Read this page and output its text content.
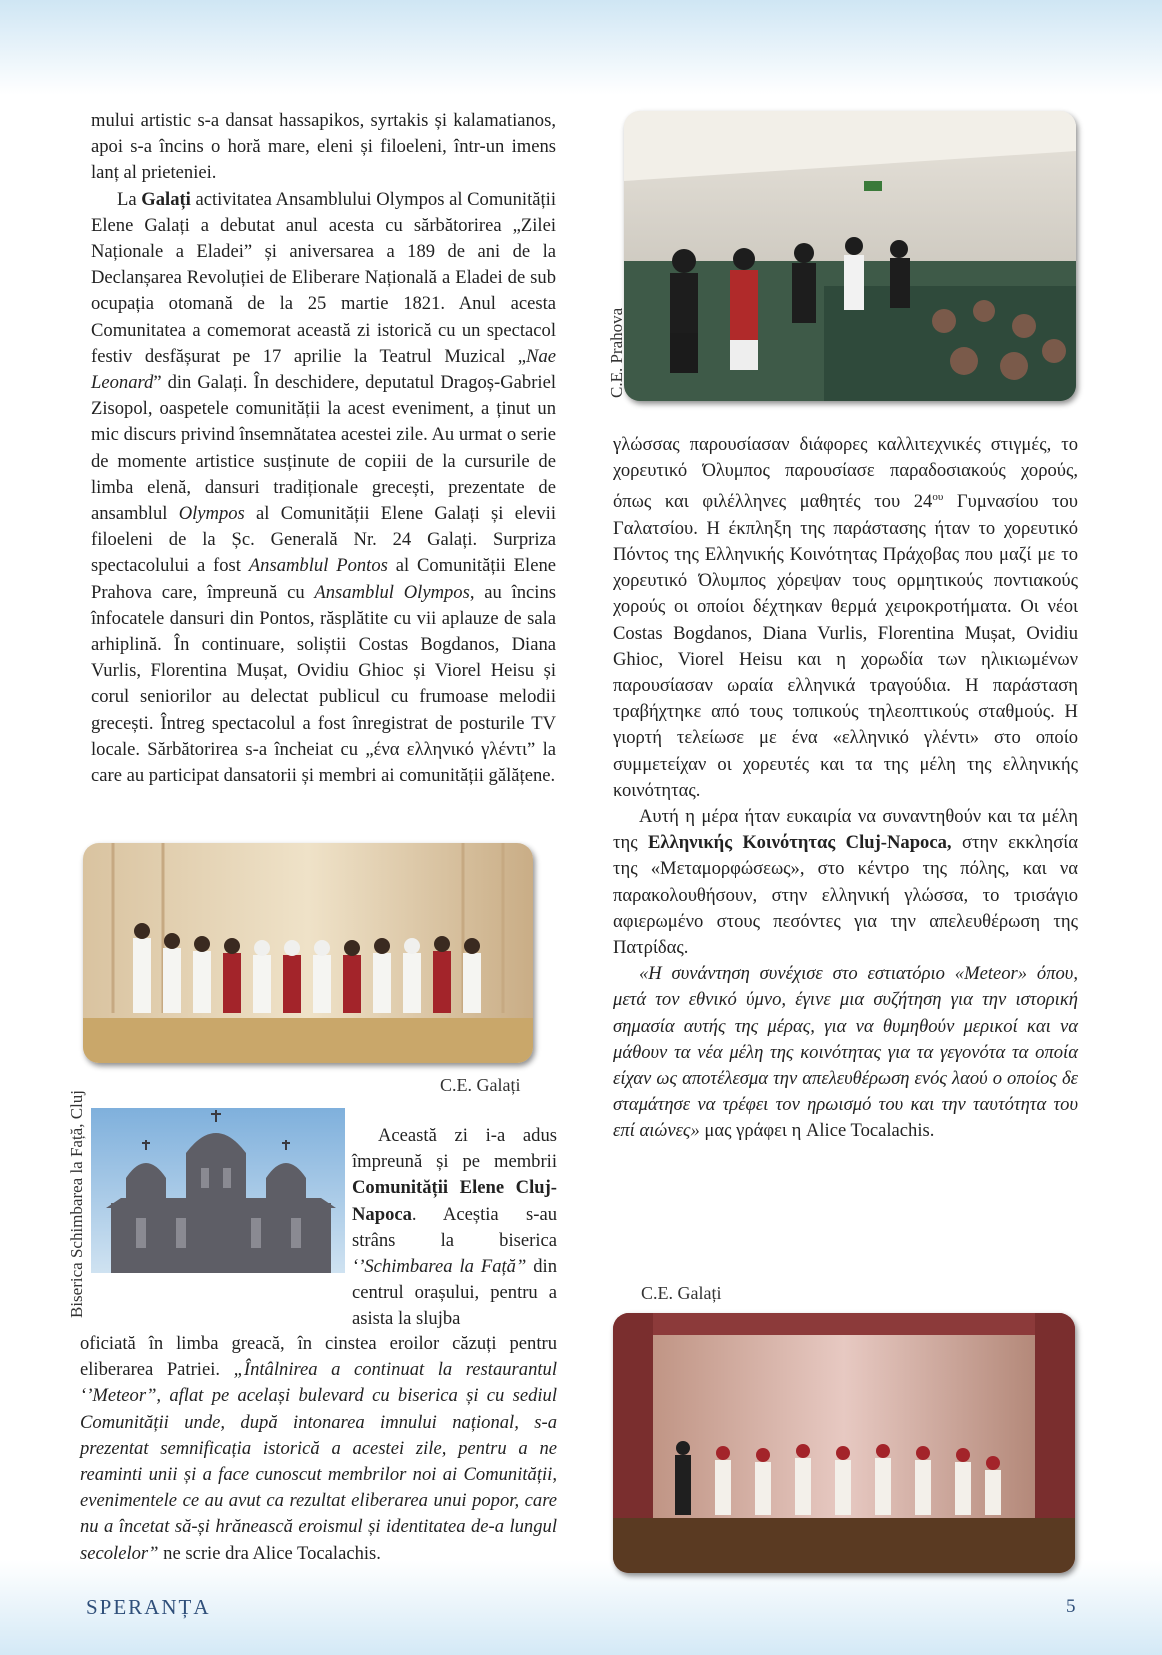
mului artistic s-a dansat hassapikos, syrtakis și kalamatianos, apoi s-a încins o horă mare, eleni și filoeleni, într-un imens lanț al prieteniei.

La Galați activitatea Ansamblului Olympos al Comunității Elene Galați a debutat anul acesta cu sărbătorirea „Zilei Naționale a Eladei” și aniversarea a 189 de ani de la Declanșarea Revoluției de Eliberare Națională a Eladei de sub ocupația otomană de la 25 martie 1821. Anul acesta Comunitatea a comemorat această zi istorică cu un spectacol festiv desfășurat pe 17 aprilie la Teatrul Muzical „Nae Leonard” din Galați. În deschidere, deputatul Dragoș-Gabriel Zisopol, oaspetele comunității la acest eveniment, a ținut un mic discurs privind însemnătatea acestei zile. Au urmat o serie de momente artistice susținute de copiii de la cursurile de limba elenă, dansuri tradiționale grecești, prezentate de ansamblul Olympos al Comunității Elene Galați și elevii filoeleni de la Șc. Generală Nr. 24 Galați. Surpriza spectacolului a fost Ansamblul Pontos al Comunității Elene Prahova care, împreună cu Ansamblul Olympos, au încins înfocatele dansuri din Pontos, răsplătite cu vii aplauze de sala arhiplină. În continuare, soliștii Costas Bogdanos, Diana Vurlis, Florentina Mușat, Ovidiu Ghioc și Viorel Heisu și corul seniorilor au delectat publicul cu frumoase melodii grecești. Întreg spectacolul a fost înregistrat de posturile TV locale. Sărbătorirea s-a încheiat cu „ένα ελληνικό γλέντι” la care au participat dansatorii și membri ai comunității gălățene.

C.E. Prahova

γλώσσας παρουσίασαν διάφορες καλλιτεχνικές στιγμές, το χορευτικό Όλυμπος παρουσίασε παραδοσιακούς χορούς, όπως και φιλέλληνες μαθητές του $24^{o\upsilon}$ Γυμνασίου του Γαλατσίου. Η έκπληξη της παράστασης ήταν το χορευτικό Πόντος της Ελληνικής Κοινότητας Πράχοβας που μαζί με το χορευτικό Όλυμπος χόρεψαν τους ορμητικούς ποντιακούς χορούς οι οποίοι δέχτηκαν θερμά χειροκροτήματα. Οι νέοι Costas Bogdanos, Diana Vurlis, Florentina Mușat, Ovidiu Ghioc, Viorel Heisu και η χορωδία των ηλικιωμένων παρουσίασαν ωραία ελληνικά τραγούδια. Η παράσταση τραβήχτηκε από τους τοπικούς τηλεοπτικούς σταθμούς. Η γιορτή τελείωσε με ένα «ελληνικό γλέντι» στο οποίο συμμετείχαν οι χορευτές και τα της μέλη της ελληνικής κοινότητας.

Αυτή η μέρα ήταν ευκαιρία να συναντηθούν και τα μέλη της Ελληνικής Κοινότητας Cluj-Napoca, στην εκκλησία της «Μεταμορφώσεως», στο κέντρο της πόλης, και να παρακολουθήσουν, στην ελληνική γλώσσα, το τρισάγιο αφιερωμένο στους πεσόντες για την απελευθέρωση της Πατρίδας.

«Η συνάντηση συνέχισε στο εστιατόριο «Meteor» όπου, μετά τον εθνικό ύμνο, έγινε μια συζήτηση για την ιστορική σημασία αυτής της μέρας, για να θυμηθούν μερικοί και να μάθουν τα νέα μέλη της κοινότητας για τα γεγονότα τα οποία είχαν ως αποτέλεσμα την απελευθέρωση ενός λαού ο οποίος δε σταμάτησε να τρέφει τον ηρωισμό του και την ταυτότητα του επί αιώνες» μας γράφει η Alice Tocalachis.

C.E. Galați
Biserica Schimbarea la Față, Cluj	Această zi i-a adus împreună și pe membrii Comunității Elene Cluj-Napoca. Aceștia s-au strâns la biserica ‘’Schimbarea la Față” din centrul orașului, pentru a asista la slujba

oficiată în limba greacă, în cinstea eroilor căzuți pentru eliberarea Patriei. „Întâlnirea a continuat la restaurantul ‘’Meteor”, aflat pe același bulevard cu biserica și cu sediul Comunității unde, după intonarea imnului național, s-a prezentat semnificația istorică a acestei zile, pentru a ne reaminti unii și a face cunoscut membrilor noi ai Comunității, evenimentele ce au avut ca rezultat eliberarea unui popor, care nu a încetat să-și hrănească eroismul și identitatea de-a lungul secolelor” ne scrie dra Alice Tocalachis.

C.E. Galați
SPERANȚA	5
